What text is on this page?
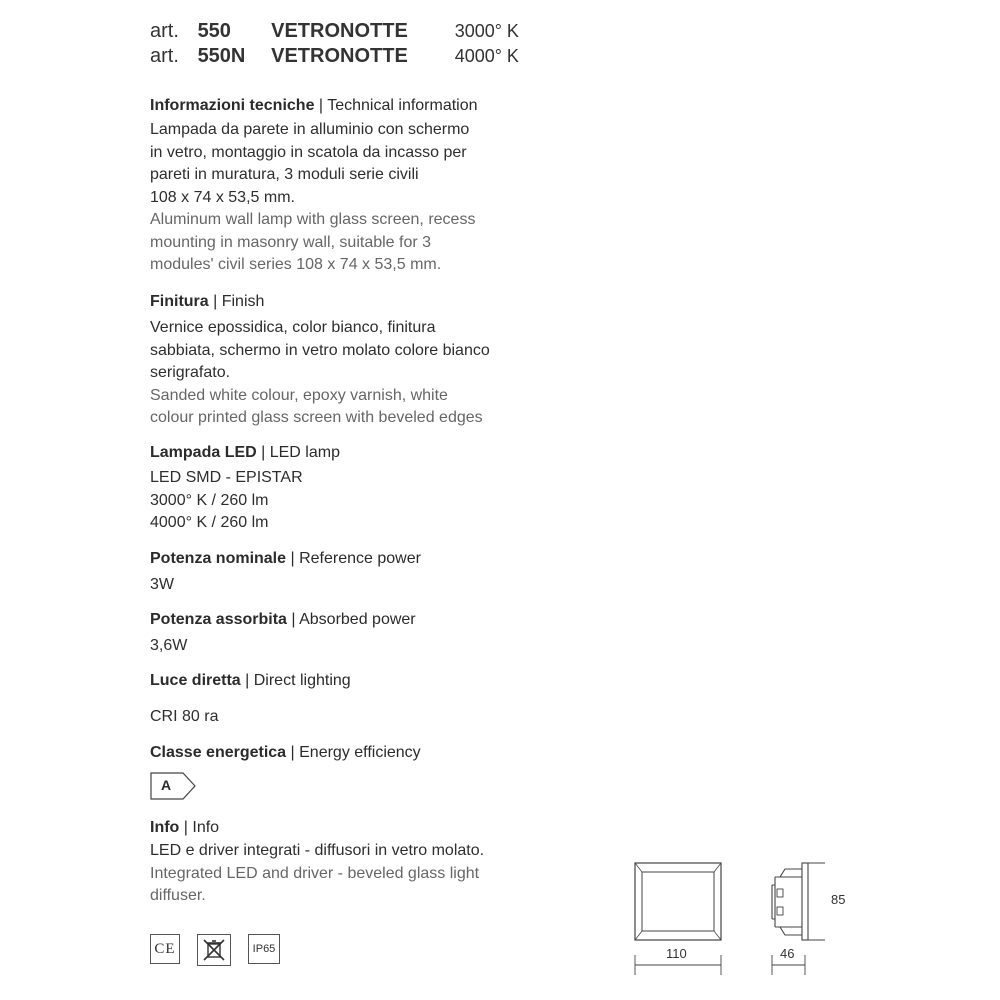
art. 550 VETRONOTTE	3000° K
art. 550N VETRONOTTE	4000° K
Informazioni tecniche | Technical information

Lampada da parete in alluminio con schermo

in vetro, montaggio in scatola da incasso per

pareti in muratura, 3 moduli serie civili

108 x 74 x 53,5 mm.

Aluminum wall lamp with glass screen, recess

mounting in masonry wall, suitable for 3

modules' civil series 108 x 74 x 53,5 mm.

Finitura | Finish

Vernice epossidica, color bianco, finitura

sabbiata, schermo in vetro molato colore bianco

serigrafato.

Sanded white colour, epoxy varnish, white

colour printed glass screen with beveled edges

Lampada LED | LED lamp

LED SMD - EPISTAR

3000° K / 260 lm

4000° K / 260 lm

Potenza nominale | Reference power
3W
Potenza assorbita | Absorbed power
3,6W
Luce diretta | Direct lighting
CRI 80 ra
Classe energetica | Energy efficiency
A
Info | Info

LED e driver integrati - diffusori in vetro molato.

Integrated LED and driver - beveled glass light

diffuser.

CE	IP65	110	46
85
